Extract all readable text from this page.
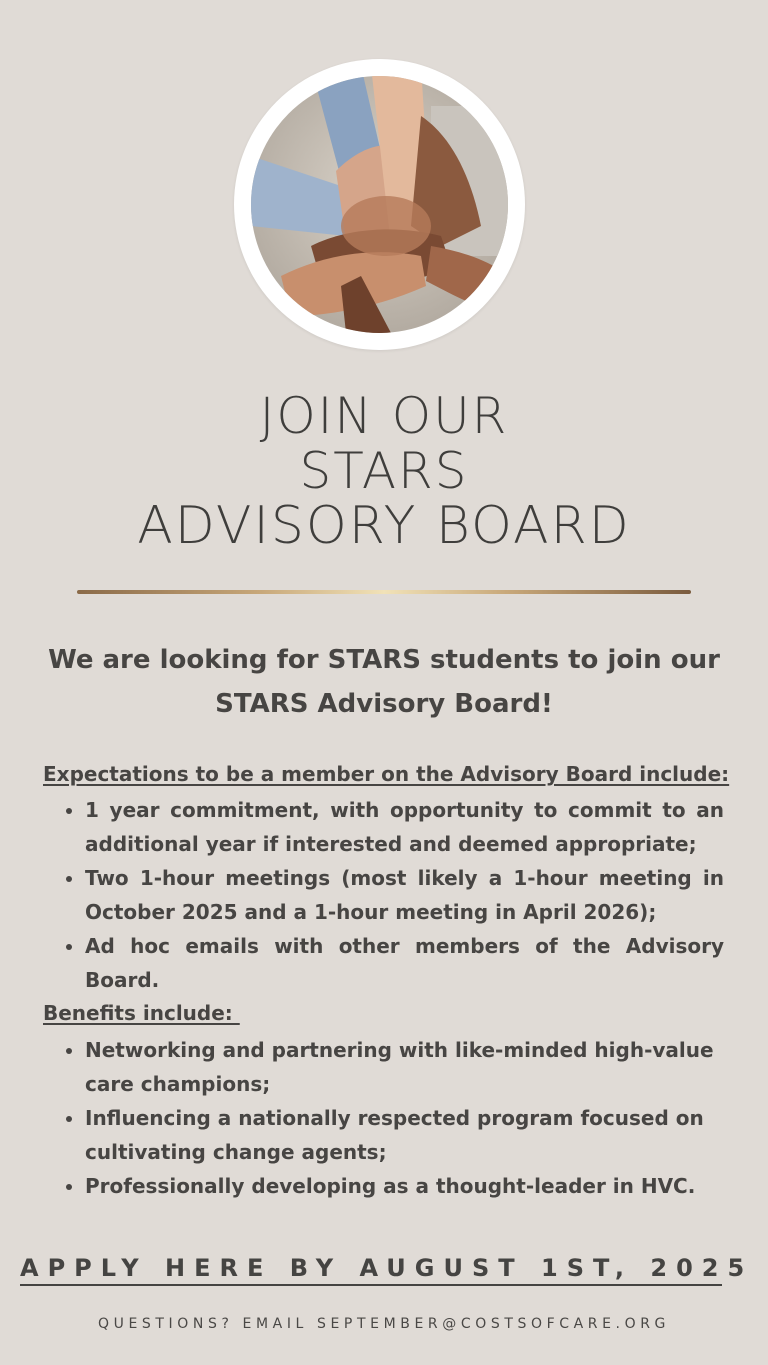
JOIN OUR
STARS
ADVISORY BOARD
We are looking for STARS students to join our
STARS Advisory Board!
Expectations to be a member on the Advisory Board include:
1 year commitment, with opportunity to commit to an additional year if interested and deemed appropriate;
Two 1-hour meetings (most likely a 1-hour meeting in October 2025 and a 1-hour meeting in April 2026);
Ad hoc emails with other members of the Advisory Board.
Benefits include:
Networking and partnering with like-minded high-value care champions;
Influencing a nationally respected program focused on cultivating change agents;
Professionally developing as a thought-leader in HVC.
APPLY HERE BY AUGUST 1ST, 2025
QUESTIONS? EMAIL SEPTEMBER@COSTSOFCARE.ORG
